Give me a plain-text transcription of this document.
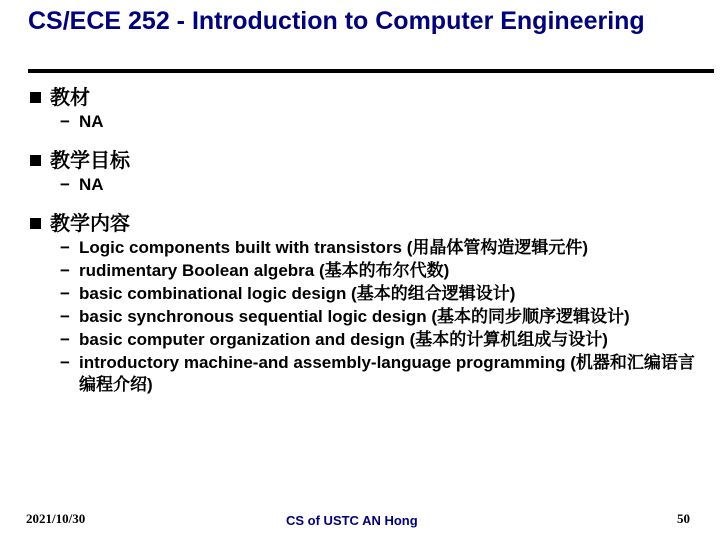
CS/ECE 252 - Introduction to Computer Engineering
教材
− NA
教学目标
− NA
教学内容
− Logic components built with transistors (用晶体管构造逻辑元件)
− rudimentary Boolean algebra (基本的布尔代数)
− basic combinational logic design (基本的组合逻辑设计)
− basic synchronous sequential logic design (基本的同步顺序逻辑设计)
− basic computer organization and design (基本的计算机组成与设计)
− introductory machine-and assembly-language programming (机器和汇编语言编程介绍)
2021/10/30	CS of USTC AN Hong	50
